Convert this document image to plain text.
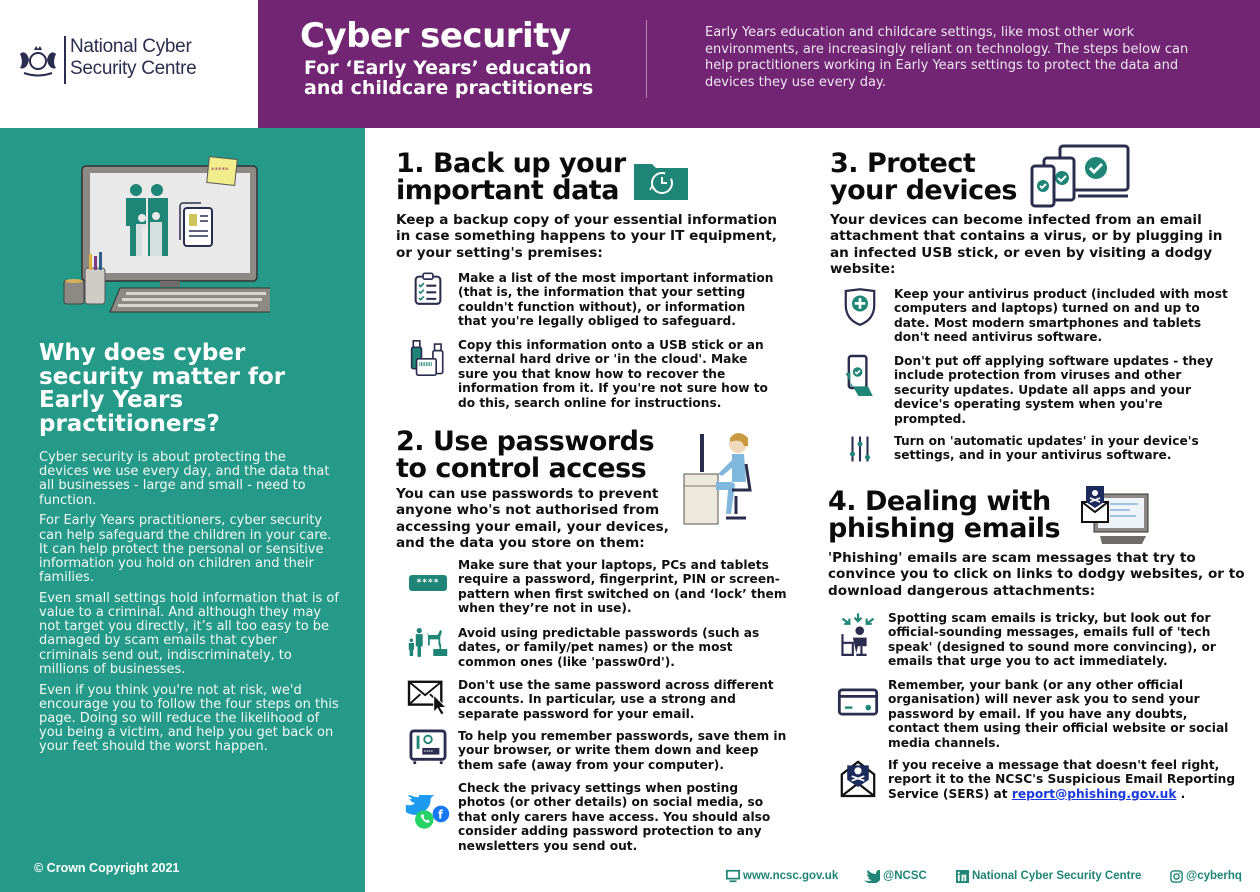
National Cyber
Security Centre
Cyber security
For ‘Early Years’ education
and childcare practitioners
Early Years education and childcare settings, like most other work environments, are increasingly reliant on technology. The steps below can help practitioners working in Early Years settings to protect the data and devices they use every day.
*****
Why does cyber security matter for Early Years practitioners?

Cyber security is about protecting the devices we use every day, and the data that all businesses - large and small - need to function.

For Early Years practitioners, cyber security can help safeguard the children in your care. It can help protect the personal or sensitive information you hold on children and their families.

Even small settings hold information that is of value to a criminal. And although they may not target you directly, it’s all too easy to be damaged by scam emails that cyber criminals send out, indiscriminately, to millions of businesses.

Even if you think you're not at risk, we'd encourage you to follow the four steps on this page. Doing so will reduce the likelihood of you being a victim, and help you get back on your feet should the worst happen.

© Crown Copyright 2021
1. Back up your
important data
Keep a backup copy of your essential information in case something happens to your IT equipment, or your setting's premises:
Make a list of the most important information (that is, the information that your setting couldn't function without), or information that you're legally obliged to safeguard.
Copy this information onto a USB stick or an external hard drive or 'in the cloud'. Make sure you that know how to recover the information from it. If you're not sure how to do this, search online for instructions.
2. Use passwords
to control access
You can use passwords to prevent anyone who's not authorised from accessing your email, your devices, and the data you store on them:
****
Make sure that your laptops, PCs and tablets require a password, fingerprint, PIN or screen-pattern when first switched on (and ‘lock’ them when they’re not in use).
Avoid using predictable passwords (such as dates, or family/pet names) or the most common ones (like 'passw0rd').
Don't use the same password across different accounts. In particular, use a strong and separate password for your email.
****
To help you remember passwords, save them in your browser, or write them down and keep them safe (away from your computer).
f
Check the privacy settings when posting photos (or other details) on social media, so that only carers have access. You should also consider adding password protection to any newsletters you send out.
3. Protect
your devices
Your devices can become infected from an email attachment that contains a virus, or by plugging in an infected USB stick, or even by visiting a dodgy website:
Keep your antivirus product (included with most computers and laptops) turned on and up to date. Most modern smartphones and tablets don't need antivirus software.
Don't put off applying software updates - they include protection from viruses and other security updates. Update all apps and your device's operating system when you're prompted.
Turn on 'automatic updates' in your device's settings, and in your antivirus software.
4. Dealing with
phishing emails
'Phishing' emails are scam messages that try to convince you to click on links to dodgy websites, or to download dangerous attachments:
Spotting scam emails is tricky, but look out for official-sounding messages, emails full of 'tech speak' (designed to sound more convincing), or emails that urge you to act immediately.
Remember, your bank (or any other official organisation) will never ask you to send your password by email. If you have any doubts, contact them using their official website or social media channels.
If you receive a message that doesn't feel right, report it to the NCSC's Suspicious Email Reporting Service (SERS) at report@phishing.gov.uk .
www.ncsc.gov.uk	@NCSC	National Cyber Security Centre	@cyberhq
